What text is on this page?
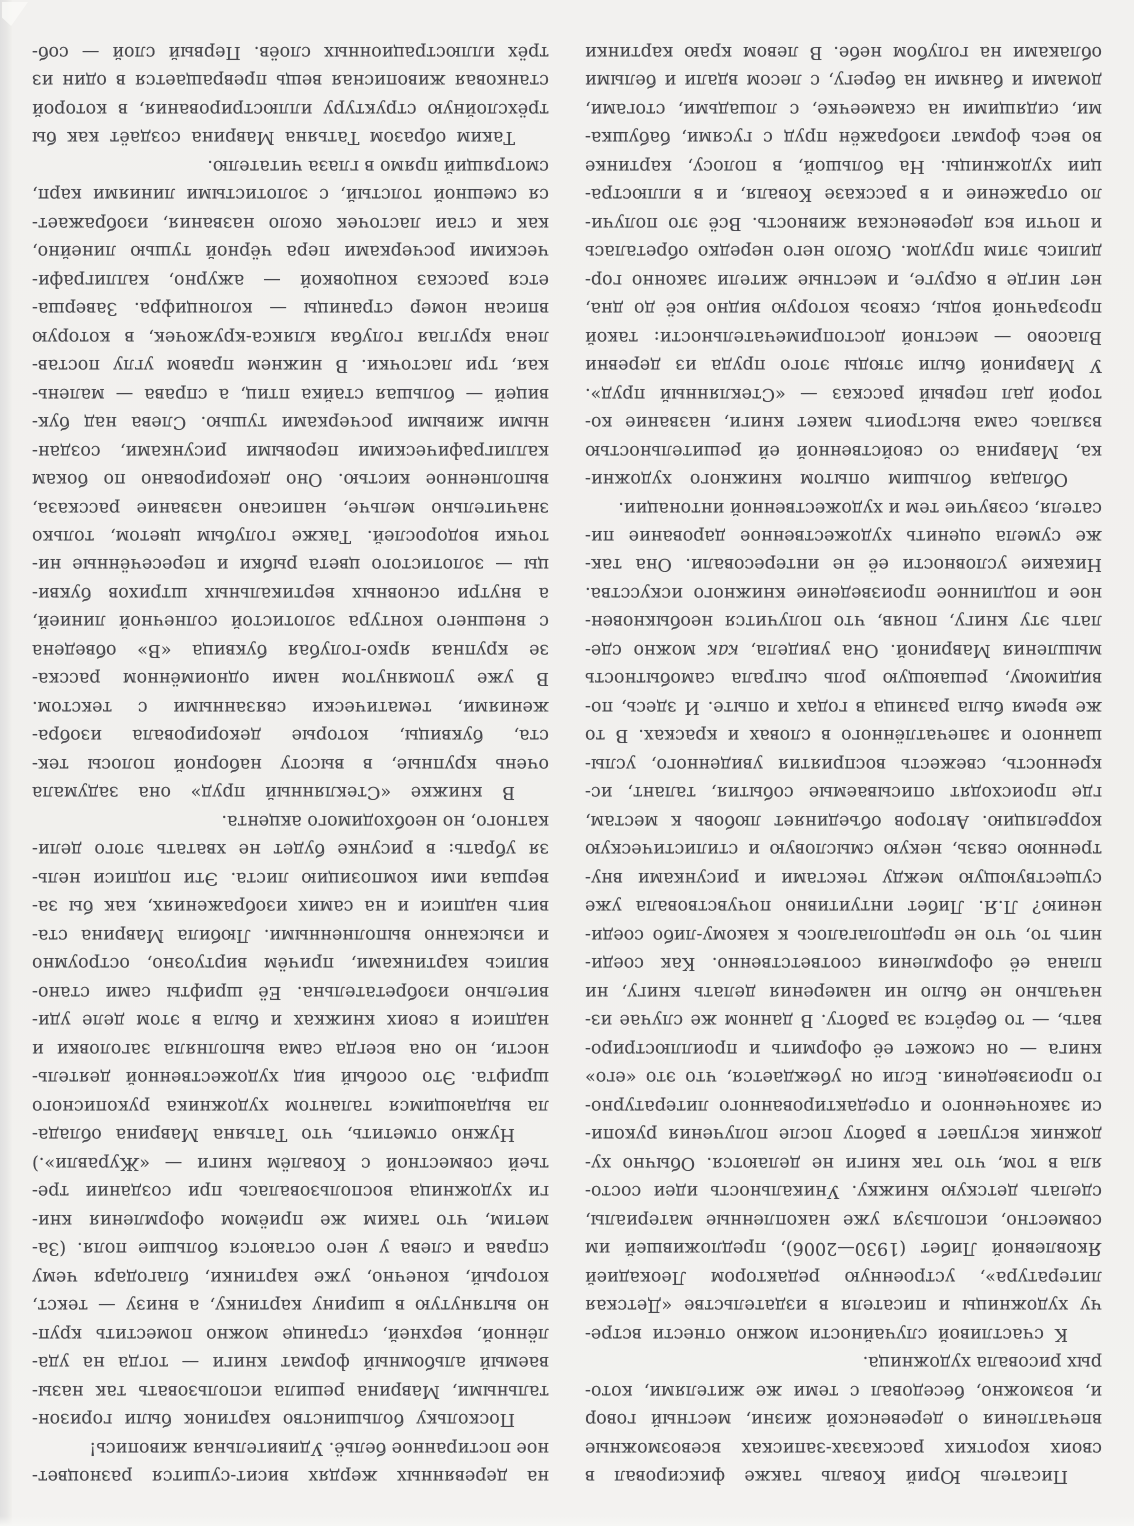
Писатель Юрий Коваль также фиксировал в
своих коротких рассказах-записках всевозможные
впечатления о деревенской жизни, местный говор
и, возможно, беседовал с теми же жителями, кото-
рых рисовала художница.
К счастливой случайности можно отнести встре-
чу художницы и писателя в издательстве «Детская
литература», устроенную редактором Леокадией
Яковлевной Либет (1930—2006), предложившей им
совместно, используя уже накопленные материалы,
сделать детскую книжку. Уникальность идеи состо-
яла в том, что так книги не делаются. Обычно ху-
дожник вступает в работу после получения рукопи-
си законченного и отредактированного литературно-
го произведения. Если он убеждается, что это «его»
книга — он сможет её оформить и проиллюстриро-
вать, — то берётся за работу. В данном же случае из-
начально не было ни намерения делать книгу, ни
плана её оформления соответственно. Как соеди-
нить то, что не предполагалось к какому-либо соеди-
нению? Л.Я. Либет интуитивно почувствовала уже
существующую между текстами и рисунками вну-
треннюю связь, некую смысловую и стилистическую
корреляцию. Авторов объединяет любовь к местам,
где происходят описываемые события, талант, ис-
кренность, свежесть восприятия увиденного, услы-
шанного и запечатлённого в словах и красках. В то
же время была разница в годах и опыте. И здесь, по-
видимому, решающую роль сыграла самобытность
мышления Мавриной. Она увидела, как можно сде-
лать эту книгу, поняв, что получится необыкновен-
ное и подлинное произведение книжного искусства.
Никакие условности её не интересовали. Она так-
же сумела оценить художественное дарование пи-
сателя, созвучие тем и художественной интонации.
Обладая большим опытом книжного художни-
ка, Маврина со свойственной ей решительностью
взялась сама выстроить макет книги, название ко-
торой дал первый рассказ — «Стеклянный пруд».
У Мавриной были этюды этого пруда из деревни
Власово — местной достопримечательности: такой
прозрачной воды, сквозь которую видно всё до дна,
нет нигде в округе, и местные жители законно гор-
дились этим прудом. Около него нередко обреталась
и почти вся деревенская живность. Всё это получи-
ло отражение и в рассказе Коваля, и в иллюстра-
ции художницы. На большой, в полосу, картинке
во весь формат изображён пруд с гусями, бабушка-
ми, сидящими на скамеечке, с лошадьми, стогами,
домами и банями на берегу, с лесом вдали и белыми
облаками на голубом небе. В левом краю картинки
на деревянных жердях висит-сушится разноцвет-
ное постиранное бельё. Удивительная живопись!
Поскольку большинство картинок были горизон-
тальными, Маврина решила использовать так назы-
ваемый альбомный формат книги — тогда на уда-
лённой, верхней, странице можно поместить круп-
но вытянутую в ширину картинку, а внизу — текст,
который, конечно, уже картинки, благодаря чему
справа и слева у него остаются большие поля. (За-
метим, что таким же приёмом оформления кни-
ги художница воспользовалась при создании тре-
тьей совместной с Ковалём книги — «Журавли».)
Нужно отметить, что Татьяна Маврина облада-
ла выдающимся талантом художника рукописного
шрифта. Это особый вид художественной деятель-
ности, но она всегда сама выполняла заголовки и
надписи в своих книжках и была в этом деле уди-
вительно изобретательна. Её шрифты сами стано-
вились картинками, причём виртуозно, остроумно
и изысканно выполненными. Любила Маврина ста-
вить надписи и на самих изображениях, как бы за-
вершая ими композицию листа. Эти подписи нель-
зя убрать: в рисунке будет не хватать этого дели-
катного, но необходимого акцента.
В книжке «Стеклянный пруд» она задумала
очень крупные, в высоту наборной полосы тек-
ста, буквицы, которые декорировала изобра-
жениями, тематически связанными с текстом.
В уже упомянутом нами одноимённом расска-
зе крупная ярко-голубая буквица «В» обведена
с внешнего контура золотистой солнечной линией,
а внутри основных вертикальных штрихов букви-
цы — золотистого цвета рыбки и пересечённые ни-
точки водорослей. Также голубым цветом, только
значительно мельче, написано название рассказа,
выполненное кистью. Оно декорировано по бокам
каллиграфическими перовыми рисунками, создан-
ными живыми росчерками тушью. Слева над бук-
вицей — большая стайка птиц, а справа — малень-
кая, три ласточки. В нижнем правом углу постав-
лена круглая голубая клякса-кружочек, в которую
вписан номер страницы — колонцифра. Заверша-
ется рассказ концовкой — ажурно, каллиграфи-
ческими росчерками пера чёрной тушью линейно,
как и стаи ласточек около названия, изображает-
ся смешной толстый, с золотистыми линиями карп,
смотрящий прямо в глаза читателю.
Таким образом Татьяна Маврина создаёт как бы
трёхслойную структуру иллюстрирования, в которой
станковая живописная вещь превращается в один из
трёх иллюстрационных слоёв. Первый слой — соб-
